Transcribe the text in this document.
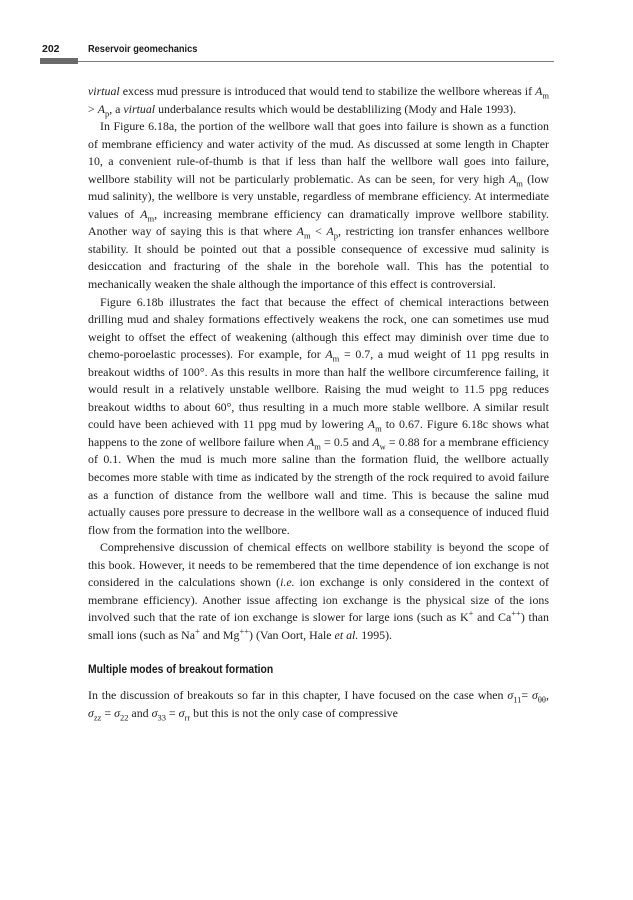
202	Reservoir geomechanics

virtual excess mud pressure is introduced that would tend to stabilize the wellbore whereas if $A_m > A_p$, a virtual underbalance results which would be destablilizing (Mody and Hale 1993).

In Figure 6.18a, the portion of the wellbore wall that goes into failure is shown as a function of membrane efficiency and water activity of the mud. As discussed at some length in Chapter 10, a convenient rule-of-thumb is that if less than half the wellbore wall goes into failure, wellbore stability will not be particularly problematic. As can be seen, for very high $A_m$ (low mud salinity), the wellbore is very unstable, regardless of membrane efficiency. At intermediate values of $A_m$, increasing membrane efficiency can dramatically improve wellbore stability. Another way of saying this is that where $A_m < A_p$, restricting ion transfer enhances wellbore stability. It should be pointed out that a possible consequence of excessive mud salinity is desiccation and fracturing of the shale in the borehole wall. This has the potential to mechanically weaken the shale although the importance of this effect is controversial.

Figure 6.18b illustrates the fact that because the effect of chemical interactions between drilling mud and shaley formations effectively weakens the rock, one can sometimes use mud weight to offset the effect of weakening (although this effect may diminish over time due to chemo-poroelastic processes). For example, for $A_m = 0.7$, a mud weight of 11 ppg results in breakout widths of 100°. As this results in more than half the wellbore circumference failing, it would result in a relatively unstable wellbore. Raising the mud weight to 11.5 ppg reduces breakout widths to about 60°, thus resulting in a much more stable wellbore. A similar result could have been achieved with 11 ppg mud by lowering $A_m$ to 0.67. Figure 6.18c shows what happens to the zone of wellbore failure when $A_m = 0.5$ and $A_w = 0.88$ for a membrane efficiency of 0.1. When the mud is much more saline than the formation fluid, the wellbore actually becomes more stable with time as indicated by the strength of the rock required to avoid failure as a function of distance from the wellbore wall and time. This is because the saline mud actually causes pore pressure to decrease in the wellbore wall as a consequence of induced fluid flow from the formation into the wellbore.

Comprehensive discussion of chemical effects on wellbore stability is beyond the scope of this book. However, it needs to be remembered that the time dependence of ion exchange is not considered in the calculations shown (i.e. ion exchange is only considered in the context of membrane efficiency). Another issue affecting ion exchange is the physical size of the ions involved such that the rate of ion exchange is slower for large ions (such as K+ and Ca++) than small ions (such as Na+ and Mg++) (Van Oort, Hale et al. 1995).

Multiple modes of breakout formation

In the discussion of breakouts so far in this chapter, I have focused on the case when $\sigma_{11}= \sigma_{\theta\theta}$, $\sigma_{zz} = \sigma_{22}$ and $\sigma_{33} = \sigma_{rr}$ but this is not the only case of compressive
